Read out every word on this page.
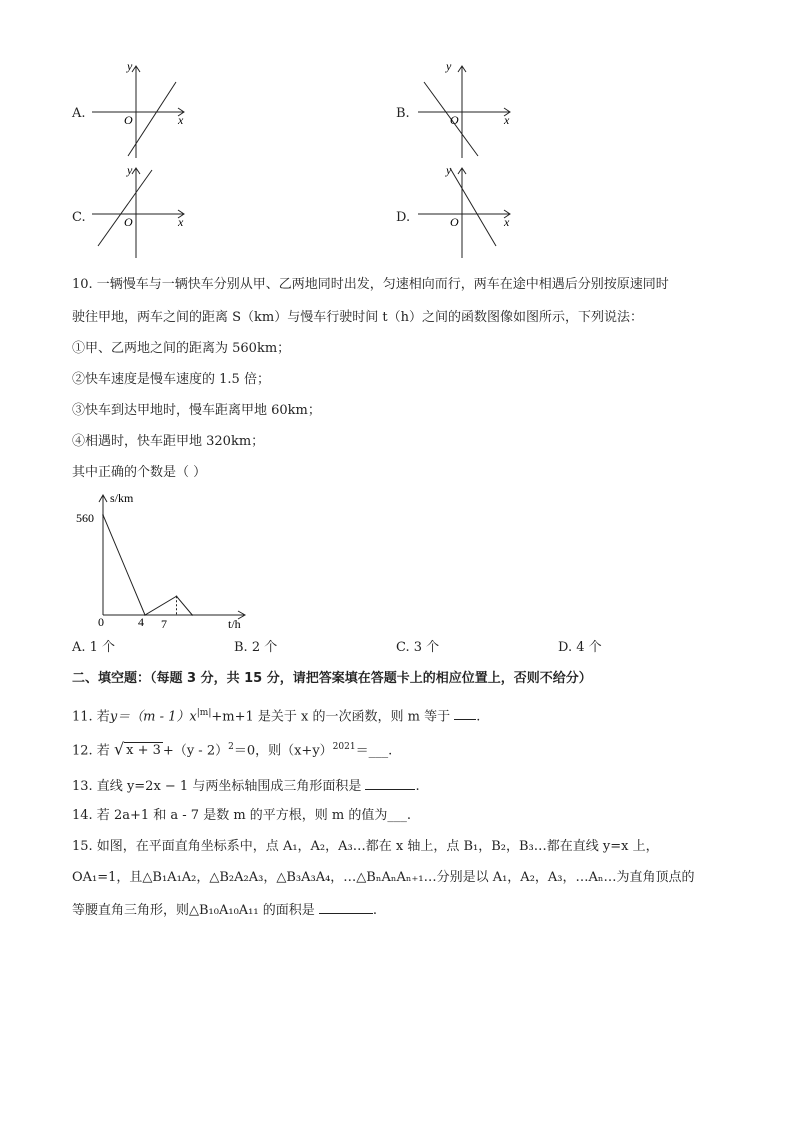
A.
y
x
O	B.
y
x
O
C.
y
x
O	D.
y
x
O
10. 一辆慢车与一辆快车分别从甲、乙两地同时出发，匀速相向而行，两车在途中相遇后分别按原速同时
驶往甲地，两车之间的距离 S（km）与慢车行驶时间 t（h）之间的函数图像如图所示，下列说法：
①甲、乙两地之间的距离为 560km；
②快车速度是慢车速度的 1.5 倍；
③快车到达甲地时，慢车距离甲地 60km；
④相遇时，快车距甲地 320km；
其中正确的个数是（ ）
s/km
t/h
560
0	4 7
A. 1 个	B. 2 个	C. 3 个	D. 4 个
二、填空题：（每题 3 分，共 15 分，请把答案填在答题卡上的相应位置上，否则不给分）
11. 若$y=(m - 1)x^{|m|}+m+1$ 是关于 x 的一次函数，则 m 等于 .
12. 若 √ x + 3 +（y - 2）$^2$＝0，则$(x+y)^{2021}=\_\_\_$.
13. 直线 y=2x − 1 与两坐标轴围成三角形面积是	.
14. 若 2a+1 和 a - 7 是数 m 的平方根，则 m 的值为___.
15. 如图，在平面直角坐标系中，点 A₁，A₂，A₃…都在 x 轴上，点 B₁，B₂，B₃…都在直线 y=x 上，
OA₁=1，且△B₁A₁A₂，△B₂A₂A₃，△B₃A₃A₄，…△BₙAₙAₙ₊₁…分别是以 A₁，A₂，A₃，…Aₙ…为直角顶点的
等腰直角三角形，则△B₁₀A₁₀A₁₁ 的面积是	.
